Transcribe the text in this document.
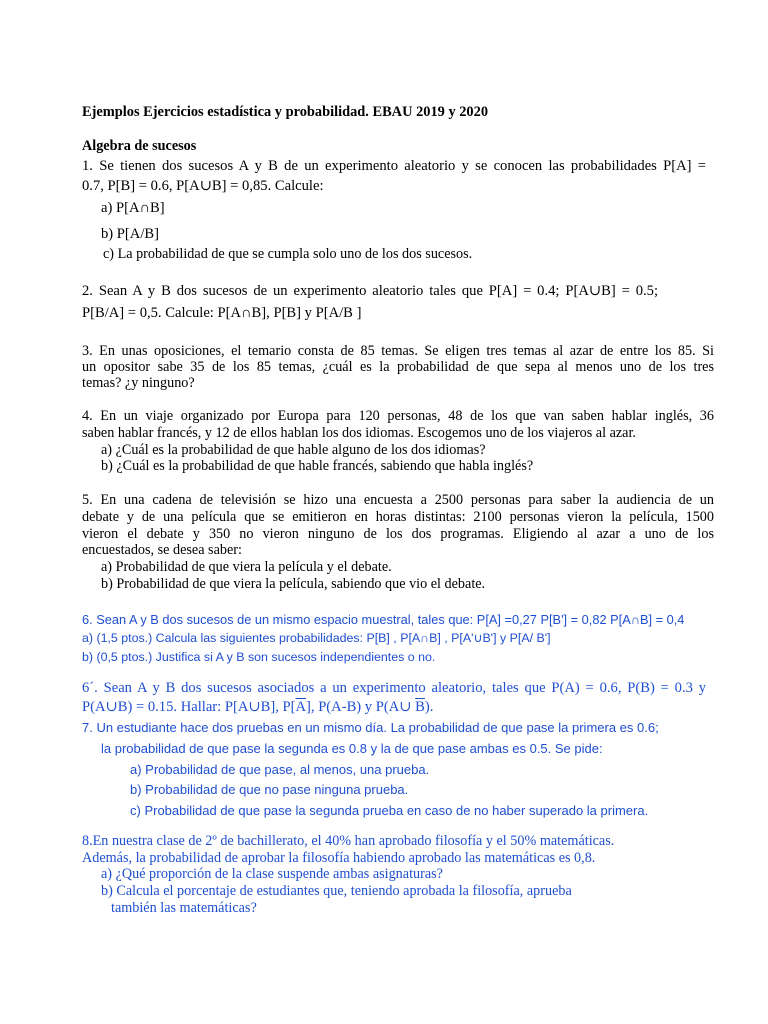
Ejemplos Ejercicios estadística y probabilidad. EBAU 2019 y 2020
Algebra de sucesos
1. Se tienen dos sucesos A y B de un experimento aleatorio y se conocen las probabilidades P[A] =
0.7, P[B] = 0.6, P[A∪B] = 0,85. Calcule:
a) P[A∩B]
b) P[A/B]
c) La probabilidad de que se cumpla solo uno de los dos sucesos.
2. Sean A y B dos sucesos de un experimento aleatorio tales que P[A] = 0.4; P[A∪B] = 0.5;
P[B/A] = 0,5. Calcule: P[A∩B], P[B] y P[A/B ]
3. En unas oposiciones, el temario consta de 85 temas. Se eligen tres temas al azar de entre los 85. Si
un opositor sabe 35 de los 85 temas, ¿cuál es la probabilidad de que sepa al menos uno de los tres
temas? ¿y ninguno?
4. En un viaje organizado por Europa para 120 personas, 48 de los que van saben hablar inglés, 36
saben hablar francés, y 12 de ellos hablan los dos idiomas. Escogemos uno de los viajeros al azar.
a) ¿Cuál es la probabilidad de que hable alguno de los dos idiomas?
b) ¿Cuál es la probabilidad de que hable francés, sabiendo que habla inglés?
5. En una cadena de televisión se hizo una encuesta a 2500 personas para saber la audiencia de un
debate y de una película que se emitieron en horas distintas: 2100 personas vieron la película, 1500
vieron el debate y 350 no vieron ninguno de los dos programas. Eligiendo al azar a uno de los
encuestados, se desea saber:
a) Probabilidad de que viera la película y el debate.
b) Probabilidad de que viera la película, sabiendo que vio el debate.
6. Sean A y B dos sucesos de un mismo espacio muestral, tales que: P[A] =0,27 P[B'] = 0,82 P[A∩B] = 0,4
a) (1,5 ptos.) Calcula las siguientes probabilidades: P[B] , P[A∩B] , P[A'∪B'] y P[A/ B']
b) (0,5 ptos.) Justifica si A y B son sucesos independientes o no.
6´. Sean A y B dos sucesos asociados a un experimento aleatorio, tales que P(A) = 0.6, P(B) = 0.3 y
P(A∪B) = 0.15. Hallar: P[A∪B], $P[\overline{A}]$, P(A-B) y P(A∪ $\overline{B}$).
7. Un estudiante hace dos pruebas en un mismo día. La probabilidad de que pase la primera es 0.6;
la probabilidad de que pase la segunda es 0.8 y la de que pase ambas es 0.5. Se pide:
a) Probabilidad de que pase, al menos, una prueba.
b) Probabilidad de que no pase ninguna prueba.
c) Probabilidad de que pase la segunda prueba en caso de no haber superado la primera.
8.En nuestra clase de 2º de bachillerato, el 40% han aprobado filosofía y el 50% matemáticas.
Además, la probabilidad de aprobar la filosofía habiendo aprobado las matemáticas es 0,8.
a) ¿Qué proporción de la clase suspende ambas asignaturas?
b) Calcula el porcentaje de estudiantes que, teniendo aprobada la filosofía, aprueba
también las matemáticas?
